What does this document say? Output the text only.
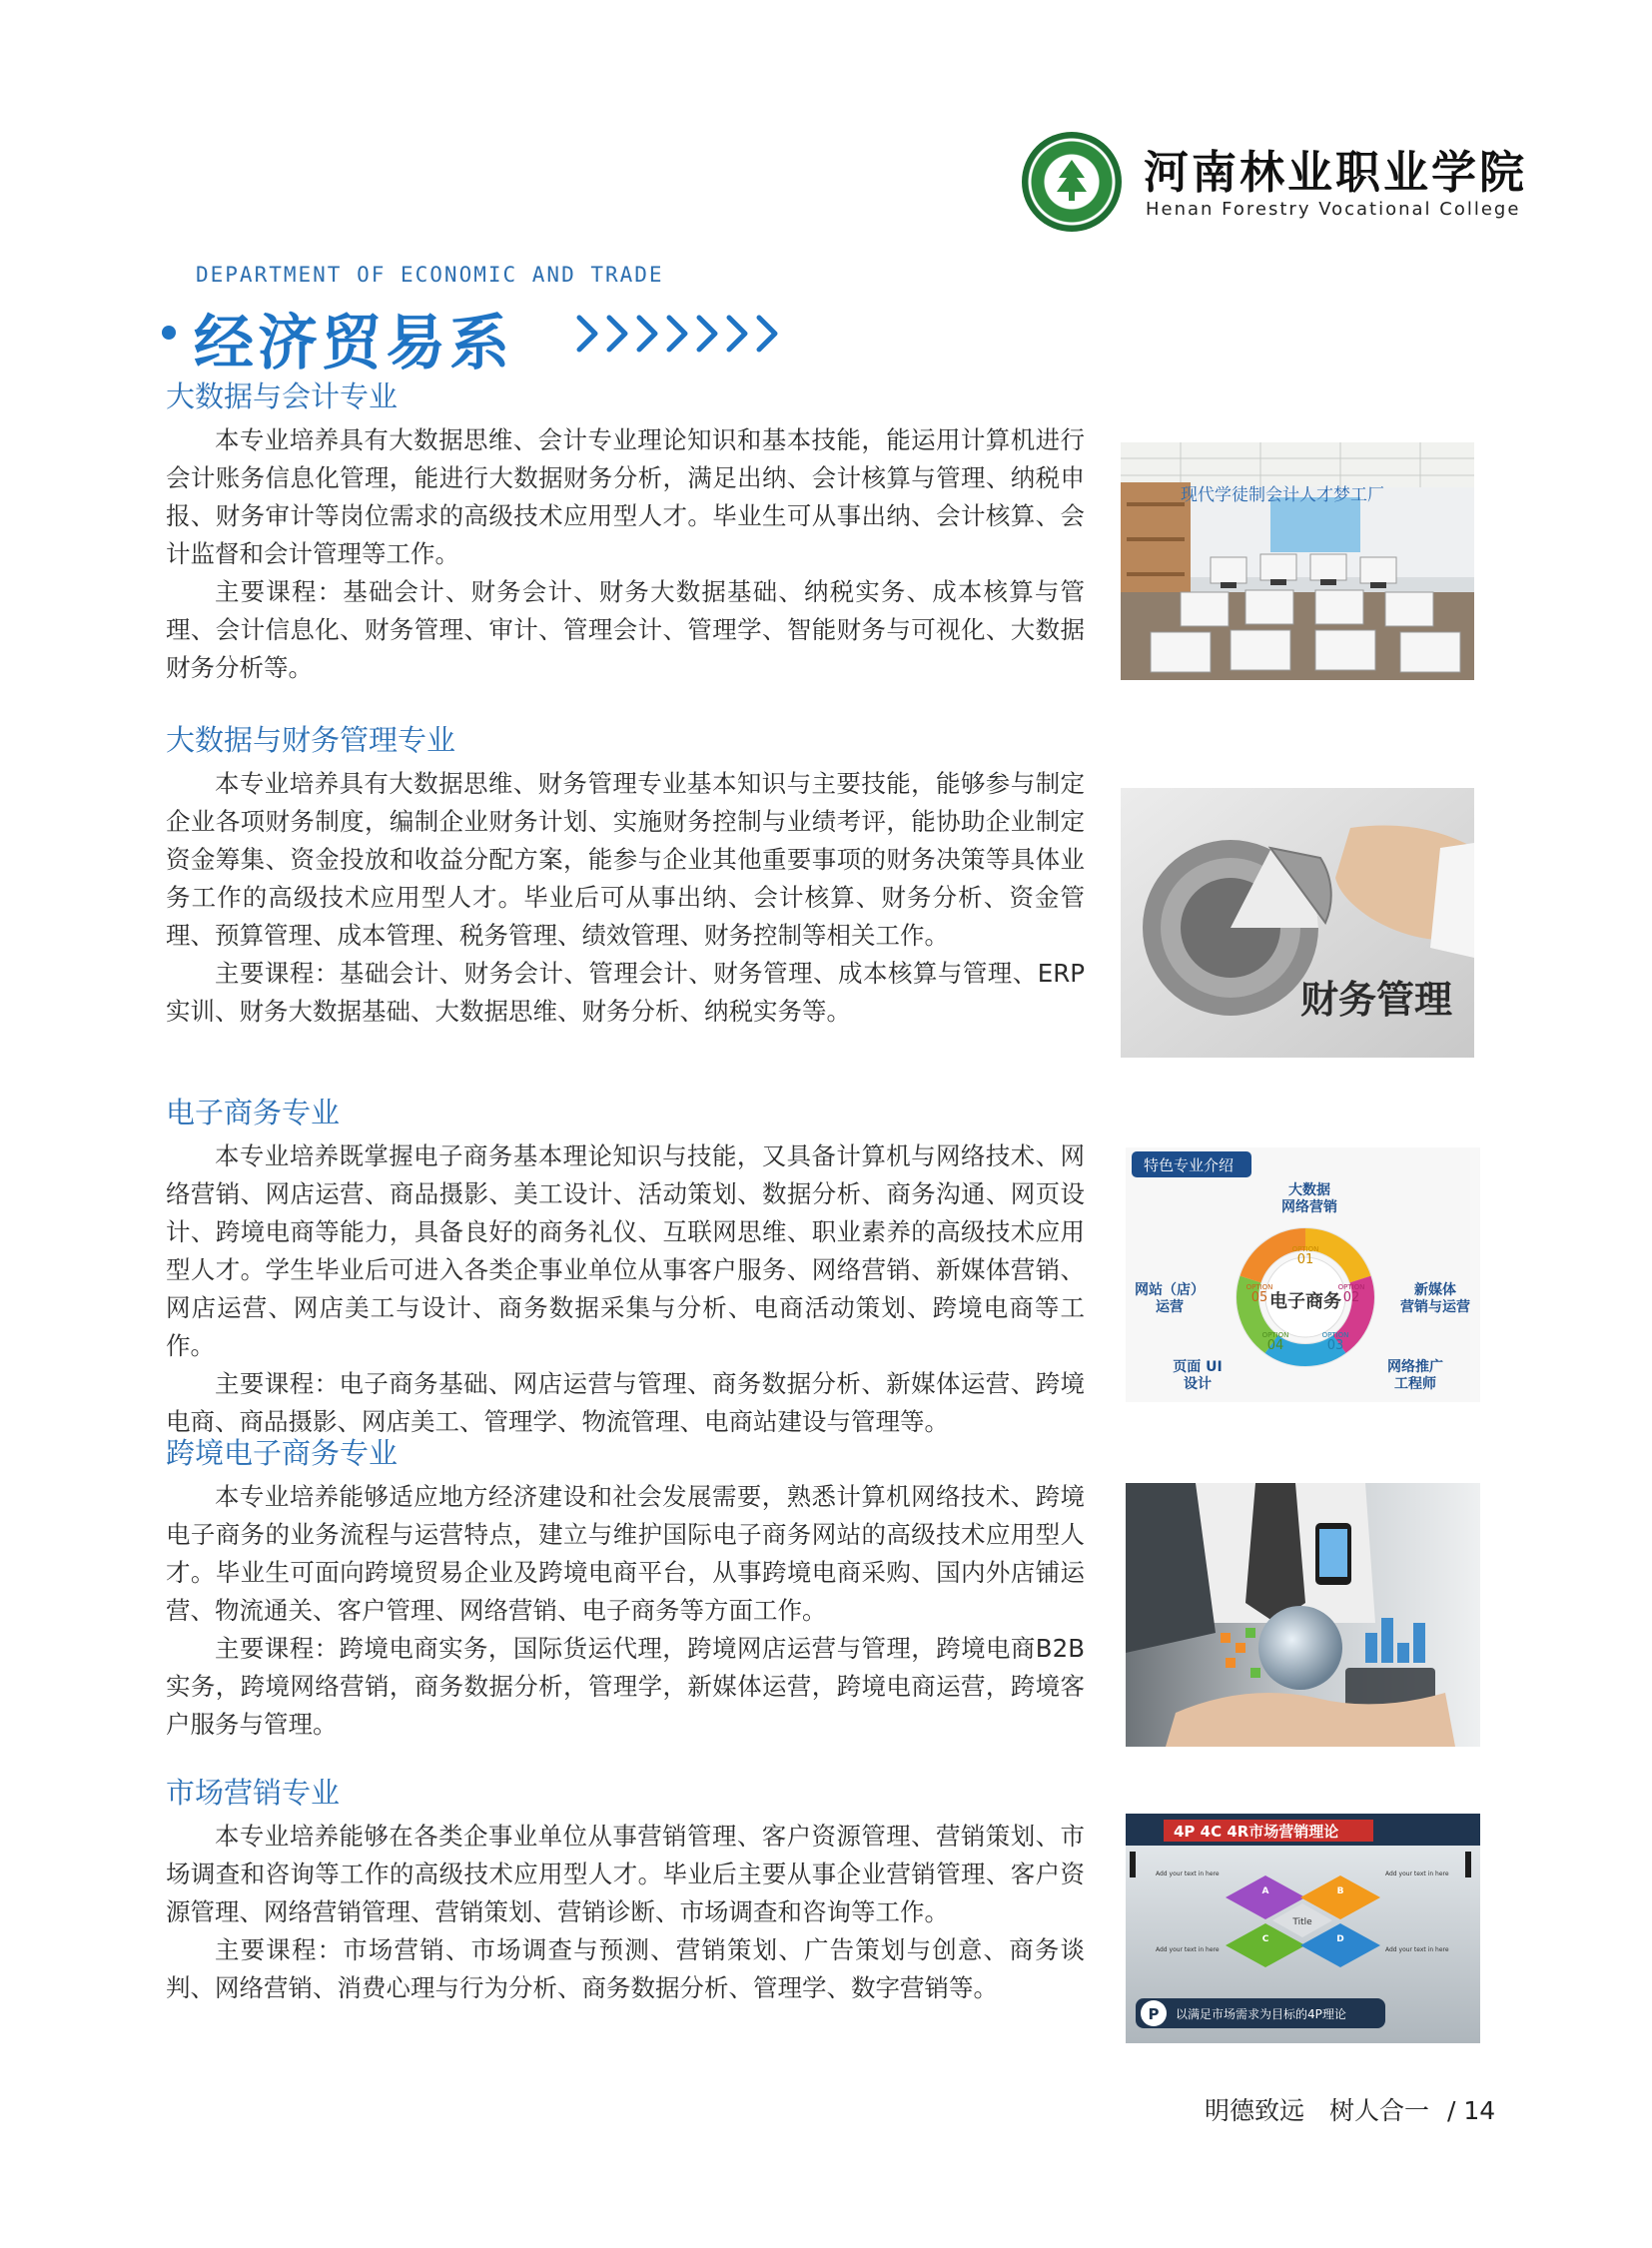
河南林业职业学院
Henan Forestry Vocational College
DEPARTMENT OF ECONOMIC AND TRADE
经济贸易系
大数据与会计专业

本专业培养具有大数据思维、会计专业理论知识和基本技能，能运用计算机进行会计账务信息化管理，能进行大数据财务分析，满足出纳、会计核算与管理、纳税申报、财务审计等岗位需求的高级技术应用型人才。毕业生可从事出纳、会计核算、会计监督和会计管理等工作。

主要课程：基础会计、财务会计、财务大数据基础、纳税实务、成本核算与管理、会计信息化、财务管理、审计、管理会计、管理学、智能财务与可视化、大数据财务分析等。

现代学徒制会计人才梦工厂
大数据与财务管理专业

本专业培养具有大数据思维、财务管理专业基本知识与主要技能，能够参与制定企业各项财务制度，编制企业财务计划、实施财务控制与业绩考评，能协助企业制定资金筹集、资金投放和收益分配方案，能参与企业其他重要事项的财务决策等具体业务工作的高级技术应用型人才。毕业后可从事出纳、会计核算、财务分析、资金管理、预算管理、成本管理、税务管理、绩效管理、财务控制等相关工作。

主要课程：基础会计、财务会计、管理会计、财务管理、成本核算与管理、ERP实训、财务大数据基础、大数据思维、财务分析、纳税实务等。	财务管理
电子商务专业

本专业培养既掌握电子商务基本理论知识与技能，又具备计算机与网络技术、网络营销、网店运营、商品摄影、美工设计、活动策划、数据分析、商务沟通、网页设计、跨境电商等能力，具备良好的商务礼仪、互联网思维、职业素养的高级技术应用型人才。学生毕业后可进入各类企事业单位从事客户服务、网络营销、新媒体营销、网店运营、网店美工与设计、商务数据采集与分析、电商活动策划、跨境电商等工作。

主要课程：电子商务基础、网店运营与管理、商务数据分析、新媒体运营、跨境电商、商品摄影、网店美工、管理学、物流管理、电商站建设与管理等。

特色专业介绍
电子商务
大数据
网络营销
新媒体
营销与运营
网络推广
工程师
页面 UI
设计
网站（店）
运营
OPTION
01
OPTION
02
OPTION
03
OPTION
04
OPTION
05
跨境电子商务专业

本专业培养能够适应地方经济建设和社会发展需要，熟悉计算机网络技术、跨境电子商务的业务流程与运营特点，建立与维护国际电子商务网站的高级技术应用型人才。毕业生可面向跨境贸易企业及跨境电商平台，从事跨境电商采购、国内外店铺运营、物流通关、客户管理、网络营销、电子商务等方面工作。

主要课程：跨境电商实务，国际货运代理，跨境网店运营与管理，跨境电商B2B实务，跨境网络营销，商务数据分析，管理学，新媒体运营，跨境电商运营，跨境客户服务与管理。

市场营销专业

本专业培养能够在各类企事业单位从事营销管理、客户资源管理、营销策划、市场调查和咨询等工作的高级技术应用型人才。毕业后主要从事企业营销管理、客户资源管理、网络营销管理、营销策划、营销诊断、市场调查和咨询等工作。

主要课程：市场营销、市场调查与预测、营销策划、广告策划与创意、商务谈判、网络营销、消费心理与行为分析、商务数据分析、管理学、数字营销等。

4P 4C 4R市场营销理论
Add your text in here	Add your text in here
Add your text in here	Add your text in here
A	B
C	D
Title
P 以满足市场需求为目标的4P理论
明德致远　树人合一 / 14
